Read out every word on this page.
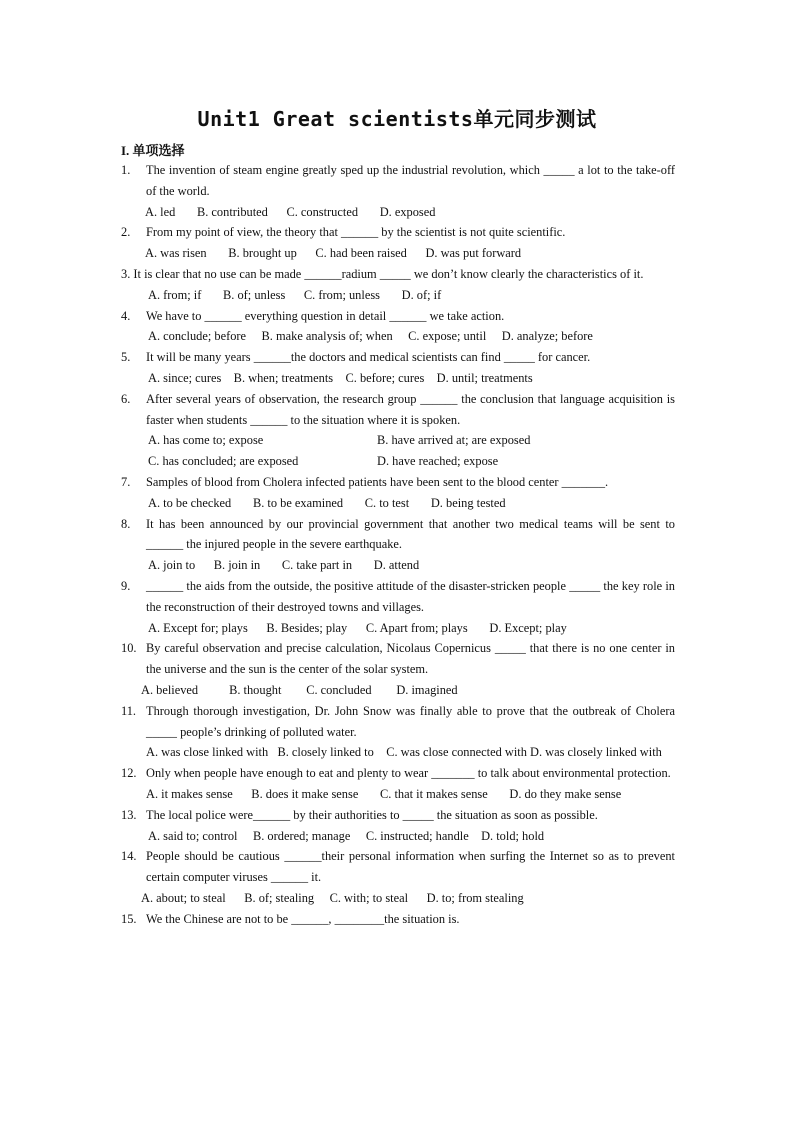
Unit1 Great scientists单元同步测试
I. 单项选择
1.	The invention of steam engine greatly sped up the industrial revolution, which _____ a lot to the take-off of the world.
A. led       B. contributed      C. constructed       D. exposed
2.	From my point of view, the theory that ______ by the scientist is not quite scientific.
A. was risen       B. brought up      C. had been raised      D. was put forward
3. It is clear that no use can be made ______radium _____ we don’t know clearly the characteristics of it.
A. from; if       B. of; unless      C. from; unless       D. of; if
4.	We have to ______ everything question in detail ______ we take action.
A. conclude; before     B. make analysis of; when     C. expose; until     D. analyze; before
5.	It will be many years ______the doctors and medical scientists can find _____ for cancer.
A. since; cures    B. when; treatments    C. before; cures    D. until; treatments
6.	After several years of observation, the research group ______ the conclusion that language acquisition is faster when students ______ to the situation where it is spoken.
A. has come to; expose	B. have arrived at; are exposed
C. has concluded; are exposed	D. have reached; expose
7.	Samples of blood from Cholera infected patients have been sent to the blood center _______.
A. to be checked       B. to be examined       C. to test       D. being tested
8.	It has been announced by our provincial government that another two medical teams will be sent to ______ the injured people in the severe earthquake.
A. join to      B. join in       C. take part in       D. attend
9.	______ the aids from the outside, the positive attitude of the disaster-stricken people _____ the key role in the reconstruction of their destroyed towns and villages.
A. Except for; plays      B. Besides; play      C. Apart from; plays       D. Except; play
10. By careful observation and precise calculation, Nicolaus Copernicus _____ that there is no one center in the universe and the sun is the center of the solar system.
A. believed          B. thought        C. concluded        D. imagined
11. Through thorough investigation, Dr. John Snow was finally able to prove that the outbreak of Cholera _____ people’s drinking of polluted water.
A. was close linked with   B. closely linked to    C. was close connected with D. was closely linked with
12. Only when people have enough to eat and plenty to wear _______ to talk about environmental protection.
A. it makes sense      B. does it make sense       C. that it makes sense       D. do they make sense
13. The local police were______ by their authorities to _____ the situation as soon as possible.
A. said to; control     B. ordered; manage     C. instructed; handle    D. told; hold
14. People should be cautious ______their personal information when surfing the Internet so as to prevent certain computer viruses ______ it.
A. about; to steal      B. of; stealing     C. with; to steal      D. to; from stealing
15. We the Chinese are not to be ______, ________the situation is.
